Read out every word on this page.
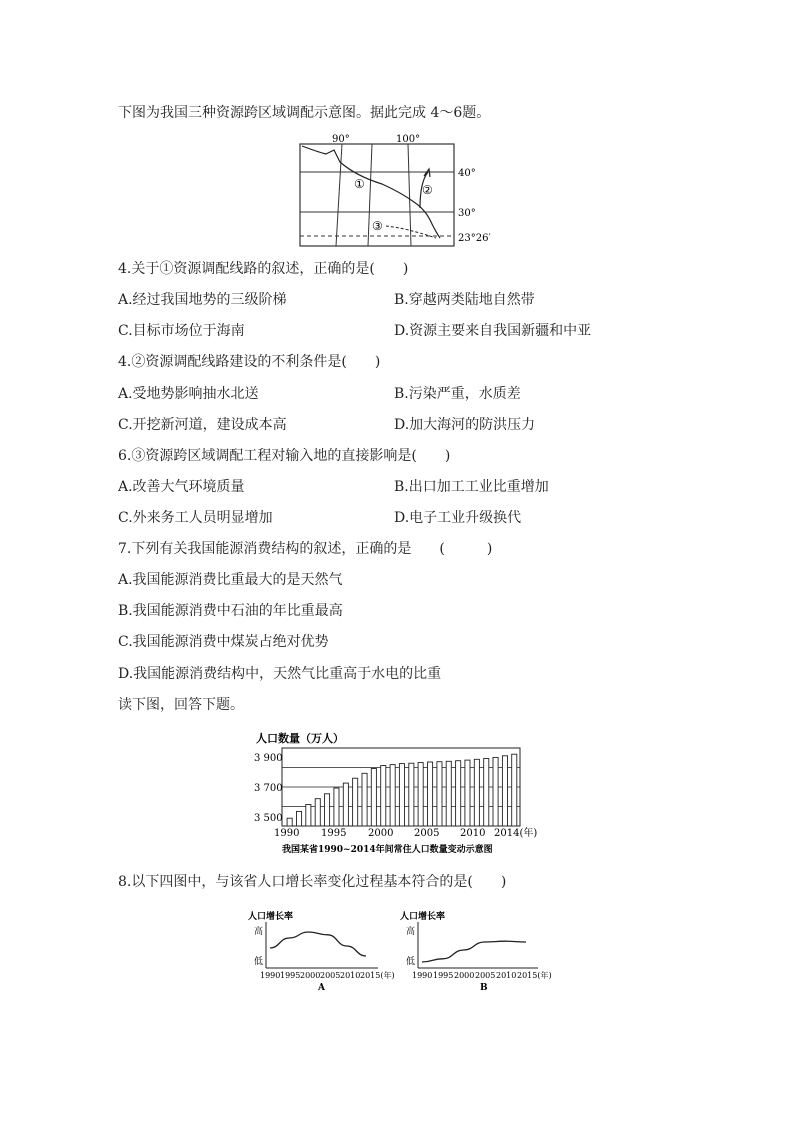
下图为我国三种资源跨区域调配示意图。据此完成 4～6题。
90°	100°
40°
30°
23°26′
①	②
③
4.关于①资源调配线路的叙述，正确的是(　　)
A.经过我国地势的三级阶梯	B.穿越两类陆地自然带
C.目标市场位于海南	D.资源主要来自我国新疆和中亚
4.②资源调配线路建设的不利条件是(　　)
A.受地势影响抽水北送	B.污染严重，水质差
C.开挖新河道，建设成本高	D.加大海河的防洪压力
6.③资源跨区域调配工程对输入地的直接影响是(　　)
A.改善大气环境质量	B.出口加工工业比重增加
C.外来务工人员明显增加	D.电子工业升级换代
7.下列有关我国能源消费结构的叙述，正确的是　　(　　　)
A.我国能源消费比重最大的是天然气
B.我国能源消费中石油的年比重最高
C.我国能源消费中煤炭占绝对优势
D.我国能源消费结构中，天然气比重高于水电的比重
读下图，回答下题。
人口数量（万人）
3 900
3 700
3 500
1990 1995 2000 2005 2010 2014(年)
我国某省1990~2014年间常住人口数量变动示意图
8.以下四图中，与该省人口增长率变化过程基本符合的是(　　)
人口增长率
高
低
1990 1995 2000 2005 2010 2015(年)
A
人口增长率
高
低
1990 1995 2000 2005 2010 2015(年)
B
